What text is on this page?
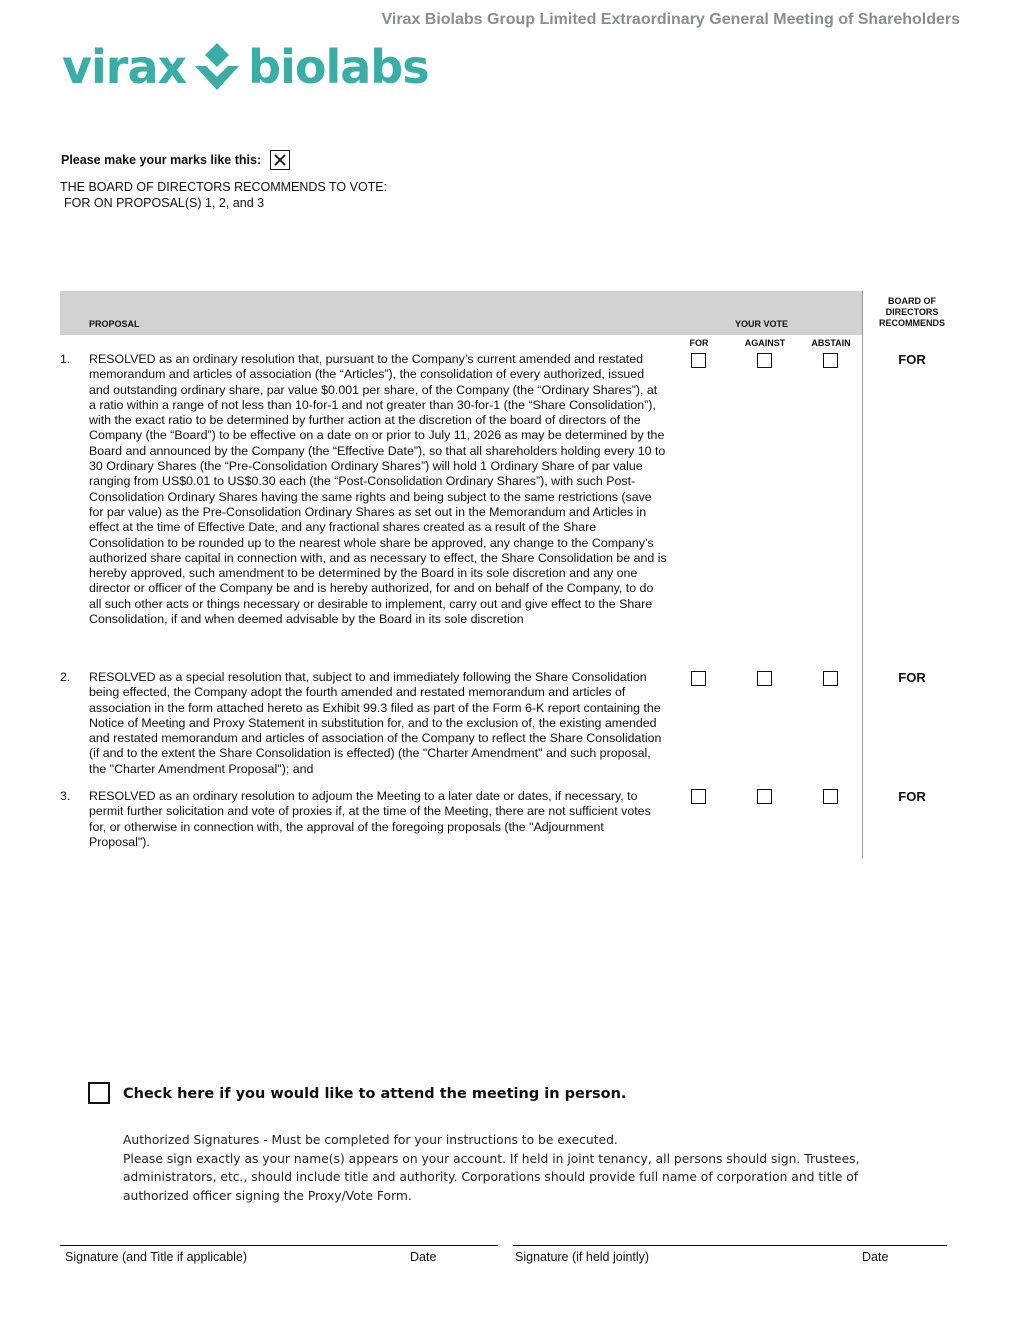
Virax Biolabs Group Limited Extraordinary General Meeting of Shareholders
virax biolabs
Please make your marks like this:
THE BOARD OF DIRECTORS RECOMMENDS TO VOTE:
FOR ON PROPOSAL(S) 1, 2, and 3
PROPOSAL	YOUR VOTE
BOARD OF DIRECTORS RECOMMENDS
FOR	AGAINST	ABSTAIN
1.	RESOLVED as an ordinary resolution that, pursuant to the Company’s current amended and restated memorandum and articles of association (the “Articles”), the consolidation of every authorized, issued and outstanding ordinary share, par value $0.001 per share, of the Company (the “Ordinary Shares”), at a ratio within a range of not less than 10-for-1 and not greater than 30-for-1 (the “Share Consolidation”), with the exact ratio to be determined by further action at the discretion of the board of directors of the Company (the “Board”) to be effective on a date on or prior to July 11, 2026 as may be determined by the Board and announced by the Company (the “Effective Date”), so that all shareholders holding every 10 to 30 Ordinary Shares (the “Pre-Consolidation Ordinary Shares”) will hold 1 Ordinary Share of par value ranging from US$0.01 to US$0.30 each (the “Post-Consolidation Ordinary Shares”), with such Post-Consolidation Ordinary Shares having the same rights and being subject to the same restrictions (save for par value) as the Pre-Consolidation Ordinary Shares as set out in the Memorandum and Articles in effect at the time of Effective Date, and any fractional shares created as a result of the Share Consolidation to be rounded up to the nearest whole share be approved, any change to the Company’s authorized share capital in connection with, and as necessary to effect, the Share Consolidation be and is hereby approved, such amendment to be determined by the Board in its sole discretion and any one director or officer of the Company be and is hereby authorized, for and on behalf of the Company, to do all such other acts or things necessary or desirable to implement, carry out and give effect to the Share Consolidation, if and when deemed advisable by the Board in its sole discretion
FOR
2.	RESOLVED as a special resolution that, subject to and immediately following the Share Consolidation being effected, the Company adopt the fourth amended and restated memorandum and articles of association in the form attached hereto as Exhibit 99.3 filed as part of the Form 6-K report containing the Notice of Meeting and Proxy Statement in substitution for, and to the exclusion of, the existing amended and restated memorandum and articles of association of the Company to reflect the Share Consolidation (if and to the extent the Share Consolidation is effected) (the "Charter Amendment" and such proposal, the "Charter Amendment Proposal"); and
FOR
3.	RESOLVED as an ordinary resolution to adjoum the Meeting to a later date or dates, if necessary, to permit further solicitation and vote of proxies if, at the time of the Meeting, there are not sufficient votes for, or otherwise in connection with, the approval of the foregoing proposals (the "Adjournment Proposal").
FOR
Check here if you would like to attend the meeting in person.
Authorized Signatures - Must be completed for your instructions to be executed.
Please sign exactly as your name(s) appears on your account. If held in joint tenancy, all persons should sign. Trustees, administrators, etc., should include title and authority. Corporations should provide full name of corporation and title of authorized officer signing the Proxy/Vote Form.
Signature (and Title if applicable)	Date	Signature (if held jointly)	Date
